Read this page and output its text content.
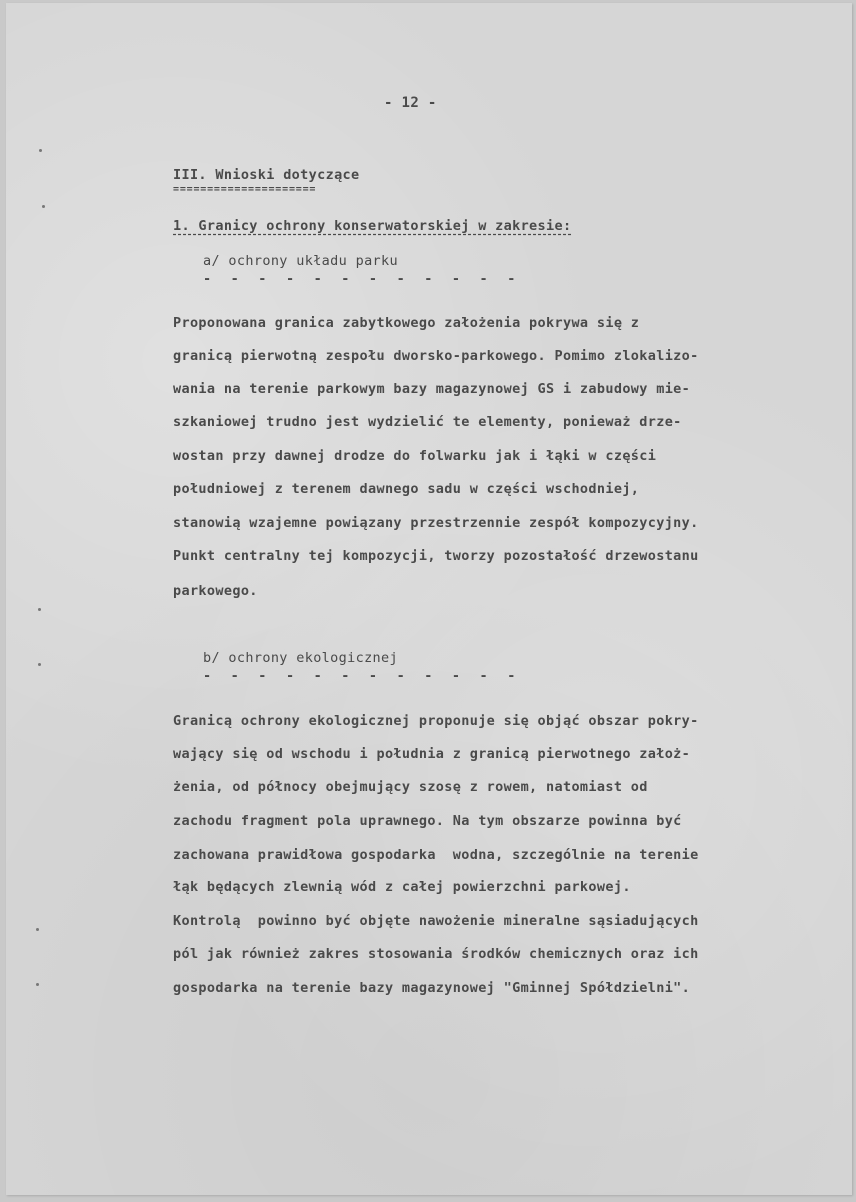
- 12 -
III. Wnioski dotyczące
=====================
1. Granicy ochrony konserwatorskiej w zakresie:
a/ ochrony układu parku
- - - - - - - - - - - -
Proponowana granica zabytkowego założenia pokrywa się z
granicą pierwotną zespołu dworsko-parkowego. Pomimo zlokalizo-
wania na terenie parkowym bazy magazynowej GS i zabudowy mie-
szkaniowej trudno jest wydzielić te elementy, ponieważ drze-
wostan przy dawnej drodze do folwarku jak i łąki w części
południowej z terenem dawnego sadu w części wschodniej,
stanowią wzajemne powiązany przestrzennie zespół kompozycyjny.
Punkt centralny tej kompozycji, tworzy pozostałość drzewostanu
parkowego.
b/ ochrony ekologicznej
- - - - - - - - - - - -
Granicą ochrony ekologicznej proponuje się objąć obszar pokry-
wający się od wschodu i południa z granicą pierwotnego założ-
żenia, od północy obejmujący szosę z rowem, natomiast od
zachodu fragment pola uprawnego. Na tym obszarze powinna być
zachowana prawidłowa gospodarka  wodna, szczególnie na terenie
łąk będących zlewnią wód z całej powierzchni parkowej.
Kontrolą  powinno być objęte nawożenie mineralne sąsiadujących
pól jak również zakres stosowania środków chemicznych oraz ich
gospodarka na terenie bazy magazynowej "Gminnej Spółdzielni".
